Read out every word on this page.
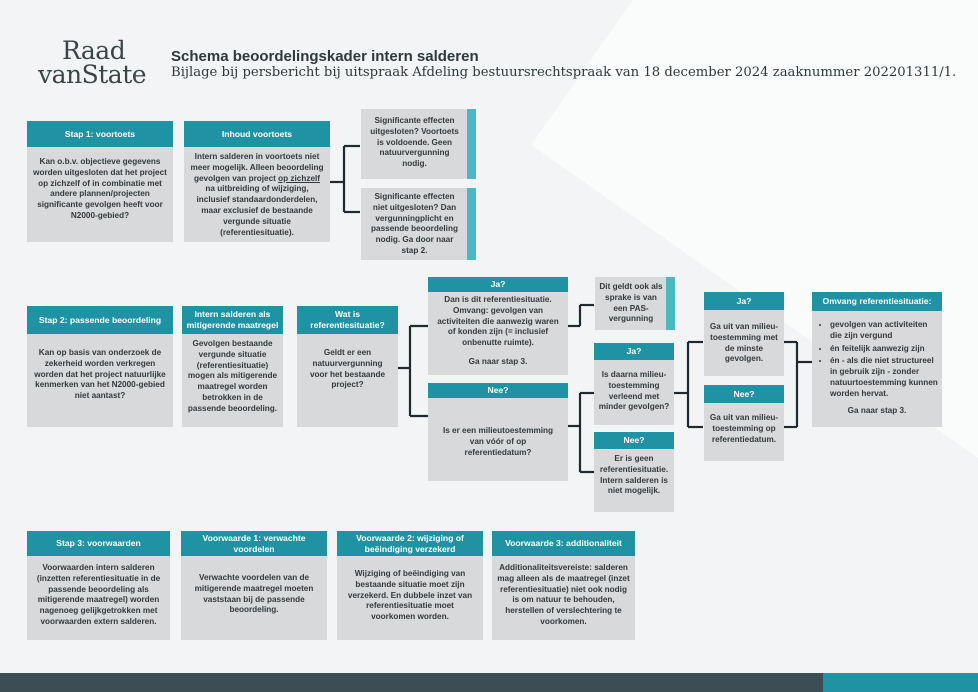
Raad
vanState
Schema beoordelingskader intern salderen
Bijlage bij persbericht bij uitspraak Afdeling bestuursrechtspraak van 18 december 2024 zaaknummer 202201311/1.
Stap 1: voortoets
Kan o.b.v. objectieve gegevens worden uitgesloten dat het project op zichzelf of in combinatie met andere plannen/projecten significante gevolgen heeft voor N2000-gebied?
Inhoud voortoets
Intern salderen in voortoets niet meer mogelijk. Alleen beoordeling gevolgen van project op zichzelf na uitbreiding of wijziging, inclusief standaardonderdelen, maar exclusief de bestaande vergunde situatie (referentiesituatie).
Significante effecten uitgesloten? Voortoets is voldoende. Geen natuurvergunning nodig.
Significante effecten niet uitgesloten? Dan vergunningplicht en passende beoordeling nodig. Ga door naar stap 2.
Stap 2: passende beoordeling
Kan op basis van onderzoek de zekerheid worden verkregen worden dat het project natuurlijke kenmerken van het N2000-gebied niet aantast?
Intern salderen als mitigerende maatregel
Gevolgen bestaande vergunde situatie (referentiesituatie) mogen als mitigerende maatregel worden betrokken in de passende beoordeling.
Wat is referentiesituatie?
Geldt er een natuurvergunning voor het bestaande project?
Ja?
Dan is dit referentiesituatie. Omvang: gevolgen van activiteiten die aanwezig waren of konden zijn (= inclusief onbenutte ruimte).
Ga naar stap 3.
Dit geldt ook als sprake is van een PAS-vergunning
Nee?
Is er een milieutoestemming van vóór of op referentiedatum?
Ja?
Is daarna milieu-toestemming verleend met minder gevolgen?
Nee?
Er is geen referentiesituatie. Intern salderen is niet mogelijk.
Ja?
Ga uit van milieu-toestemming met de minste gevolgen.
Nee?
Ga uit van milieu-toestemming op referentiedatum.
Omvang referentiesituatie:
• gevolgen van activiteiten die zijn vergund
• én feitelijk aanwezig zijn
• én - als die niet structureel in gebruik zijn - zonder natuurtoestemming kunnen worden hervat.
Ga naar stap 3.
Stap 3: voorwaarden
Voorwaarden intern salderen (inzetten referentiesituatie in de passende beoordeling als mitigerende maatregel) worden nagenoeg gelijkgetrokken met voorwaarden extern salderen.
Voorwaarde 1: verwachte voordelen
Verwachte voordelen van de mitigerende maatregel moeten vaststaan bij de passende beoordeling.
Voorwaarde 2: wijziging of beëindiging verzekerd
Wijziging of beëindiging van bestaande situatie moet zijn verzekerd. En dubbele inzet van referentiesituatie moet voorkomen worden.
Voorwaarde 3: additionaliteit
Additionaliteitsvereiste: salderen mag alleen als de maatregel (inzet referentiesituatie) niet ook nodig is om natuur te behouden, herstellen of verslechtering te voorkomen.
